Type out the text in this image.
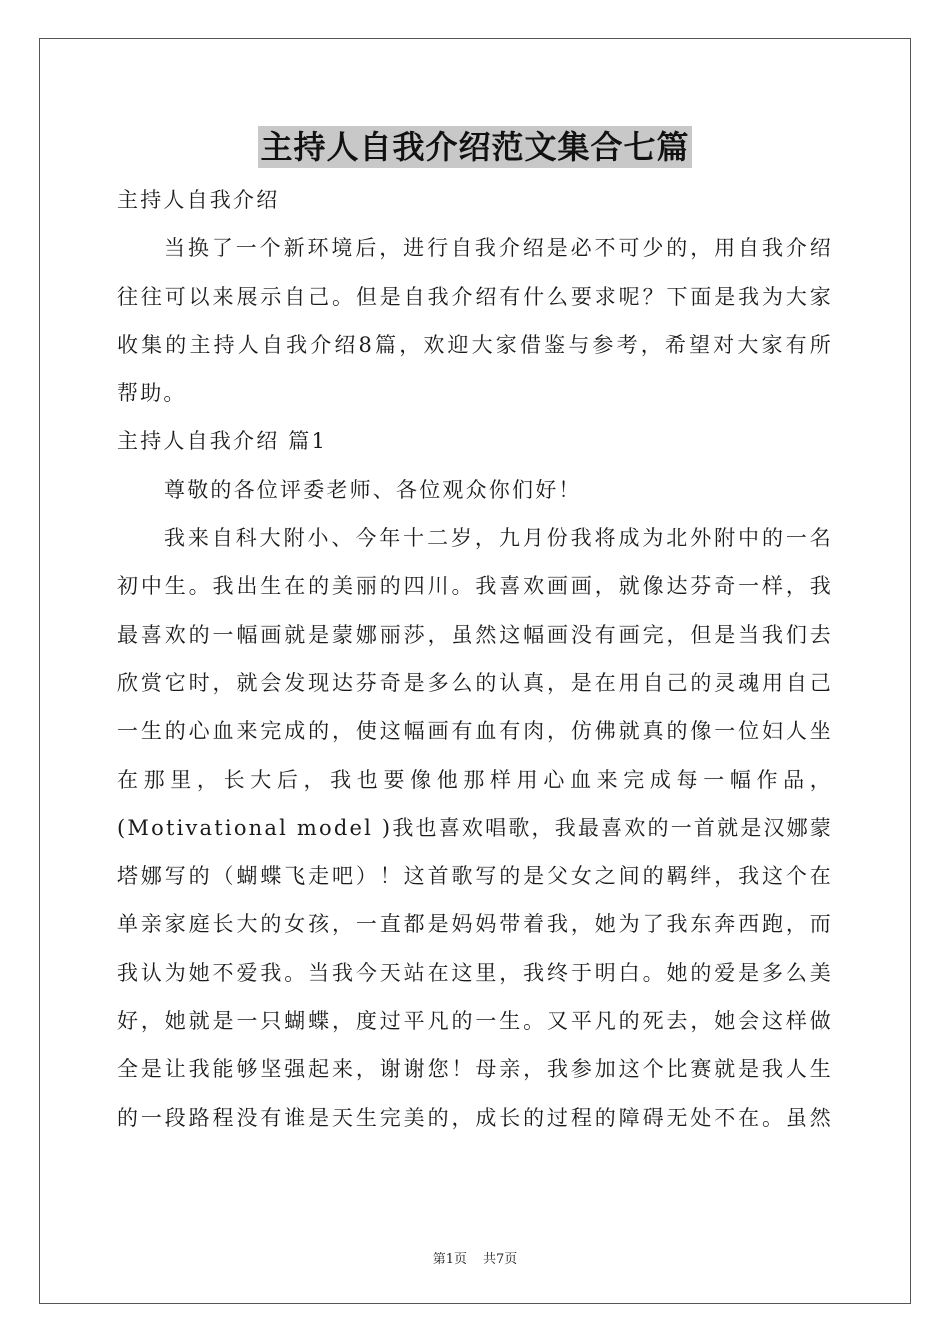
主持人自我介绍范文集合七篇
主持人自我介绍
当换了一个新环境后，进行自我介绍是必不可少的，用自我介绍
往往可以来展示自己。但是自我介绍有什么要求呢？下面是我为大家
收集的主持人自我介绍8篇，欢迎大家借鉴与参考，希望对大家有所
帮助。
主持人自我介绍 篇1
尊敬的各位评委老师、各位观众你们好！
我来自科大附小、今年十二岁，九月份我将成为北外附中的一名
初中生。我出生在的美丽的四川。我喜欢画画，就像达芬奇一样，我
最喜欢的一幅画就是蒙娜丽莎，虽然这幅画没有画完，但是当我们去
欣赏它时，就会发现达芬奇是多么的认真，是在用自己的灵魂用自己
一生的心血来完成的，使这幅画有血有肉，仿佛就真的像一位妇人坐
在那里，长大后，我也要像他那样用心血来完成每一幅作品，
(Motivational model )我也喜欢唱歌，我最喜欢的一首就是汉娜蒙
塔娜写的（蝴蝶飞走吧）！这首歌写的是父女之间的羁绊，我这个在
单亲家庭长大的女孩，一直都是妈妈带着我，她为了我东奔西跑，而
我认为她不爱我。当我今天站在这里，我终于明白。她的爱是多么美
好，她就是一只蝴蝶，度过平凡的一生。又平凡的死去，她会这样做
全是让我能够坚强起来，谢谢您！母亲，我参加这个比赛就是我人生
的一段路程没有谁是天生完美的，成长的过程的障碍无处不在。虽然
第1页 共7页
